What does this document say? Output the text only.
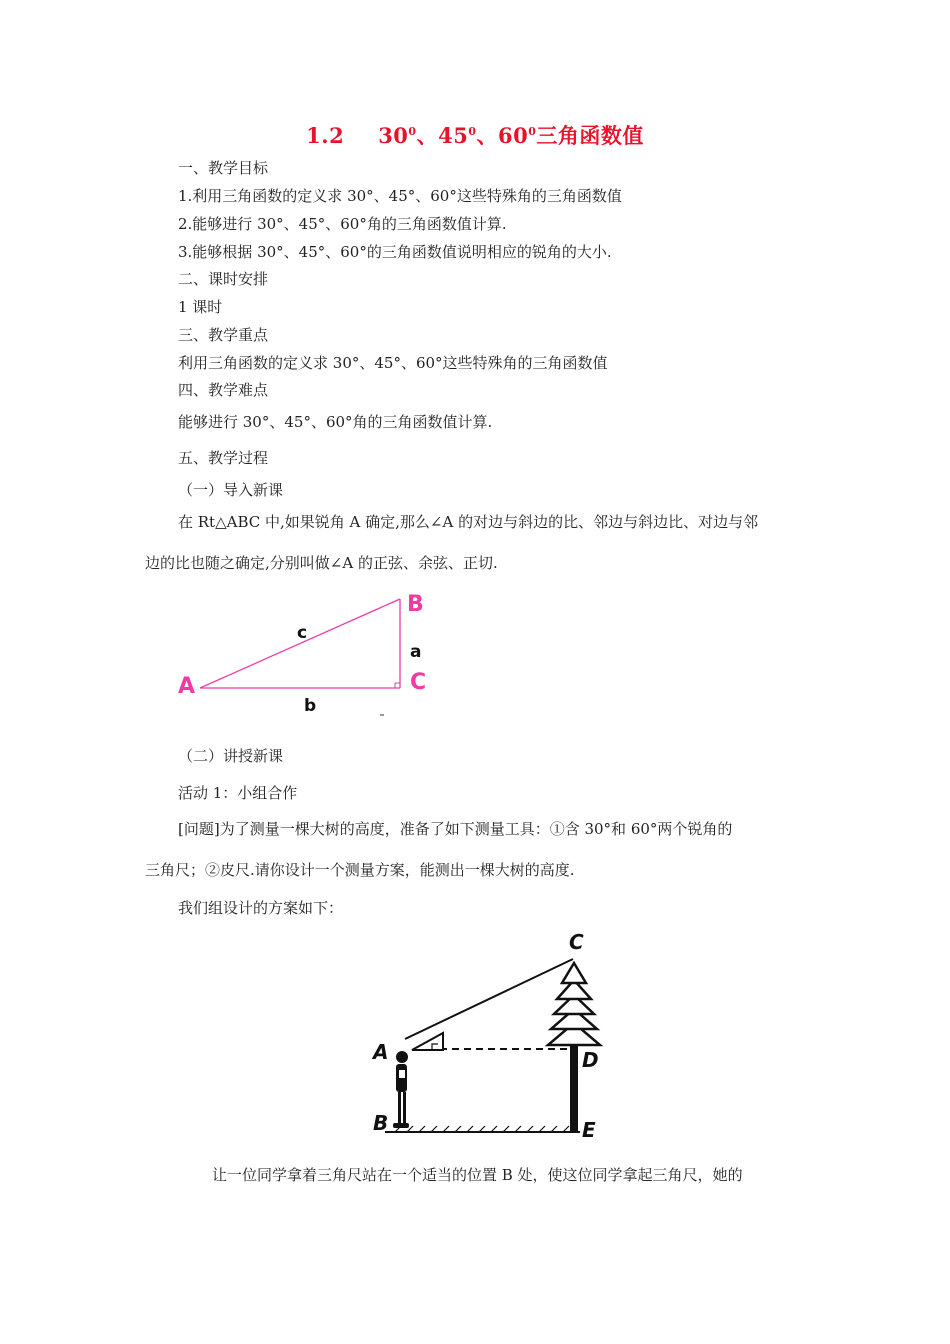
1.2 $30^0$、$45^0$、$60^0$三角函数值
一、教学目标
1.利用三角函数的定义求 30°、45°、60°这些特殊角的三角函数值
2.能够进行 30°、45°、60°角的三角函数值计算.
3.能够根据 30°、45°、60°的三角函数值说明相应的锐角的大小.
二、课时安排
1 课时
三、教学重点
利用三角函数的定义求 30°、45°、60°这些特殊角的三角函数值
四、教学难点
能够进行 30°、45°、60°角的三角函数值计算.
五、教学过程
（一）导入新课
在 Rt△ABC 中,如果锐角 A 确定,那么∠A 的对边与斜边的比、邻边与斜边比、对边与邻
边的比也随之确定,分别叫做∠A 的正弦、余弦、正切.
A
B
C
c
a
b
（二）讲授新课
活动 1：小组合作
[问题]为了测量一棵大树的高度，准备了如下测量工具：①含 30°和 60°两个锐角的
三角尺；②皮尺.请你设计一个测量方案，能测出一棵大树的高度.
我们组设计的方案如下：
A
B
C
D
E
让一位同学拿着三角尺站在一个适当的位置 B 处，使这位同学拿起三角尺，她的
